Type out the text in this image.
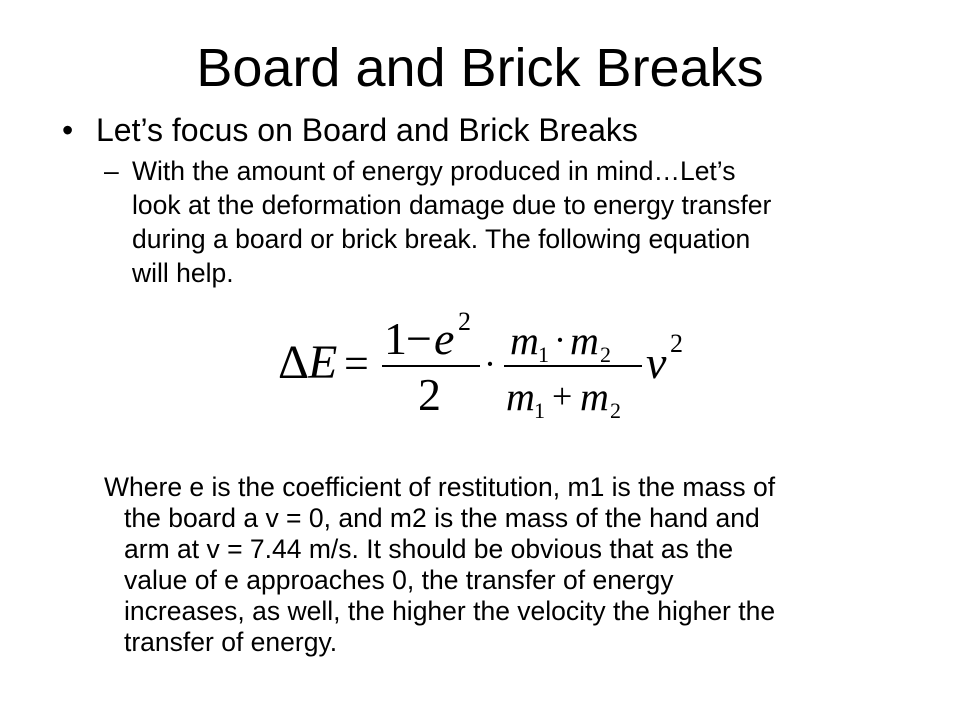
Board and Brick Breaks
• Let’s focus on Board and Brick Breaks
– With the amount of energy produced in mind…Let’s
look at the deformation damage due to energy transfer
during a board or brick break. The following equation
will help.
Δ E = 1 − e 2
2
·
m 1 · m 2
m 1 + m 2
v 2
Where e is the coefficient of restitution, m1 is the mass of
the board a v = 0, and m2 is the mass of the hand and
arm at v = 7.44 m/s. It should be obvious that as the
value of e approaches 0, the transfer of energy
increases, as well, the higher the velocity the higher the
transfer of energy.
